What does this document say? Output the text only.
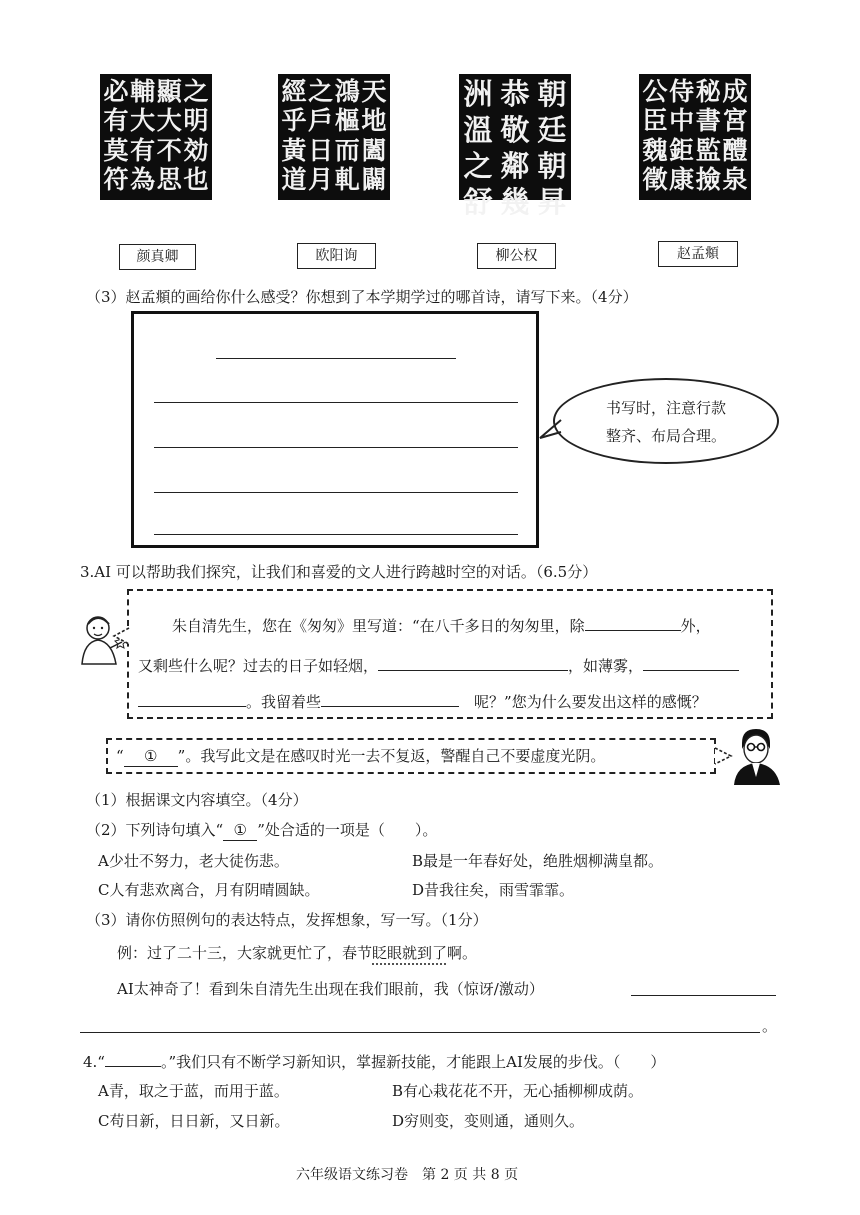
之
明
効
也
顯
大
不
思
輔
大
有
為
必
有
莫
符
天
地
闔
闢
鴻
樞
而
軋
之
戶
日
月
經
乎
黃
道
朝
廷
朝
昇
恭
敬
鄰
幾
洲
溫
之
舒
成
宮
醴
泉
秘
書
監
撿
侍
中
鉅
康
公
臣
魏
徵
颜真卿	欧阳询	柳公权	赵孟頫
（3）赵孟頫的画给你什么感受？你想到了本学期学过的哪首诗，请写下来。（4分）
书写时，注意行款
整齐、布局合理。
3.AI 可以帮助我们探究，让我们和喜爱的文人进行跨越时空的对话。（6.5分）
朱自清先生，您在《匆匆》里写道：“在八千多日的匆匆里，除	外，
又剩些什么呢？过去的日子如轻烟，	，如薄雾，
。我留着些　	呢？”您为什么要发出这样的感慨？
“ ① ”。我写此文是在感叹时光一去不复返，警醒自己不要虚度光阴。
（1）根据课文内容填空。（4分）
（2）下列诗句填入“ ① ”处合适的一项是（　　）。
A少壮不努力，老大徒伤悲。	B最是一年春好处，绝胜烟柳满皇都。
C人有悲欢离合，月有阴晴圆缺。	D昔我往矣，雨雪霏霏。
（3）请你仿照例句的表达特点，发挥想象，写一写。（1分）
例：过了二十三，大家就更忙了，春节眨眼就到了啊。
AI太神奇了！看到朱自清先生出现在我们眼前，我（惊讶/激动）
。
4.“	。”我们只有不断学习新知识，掌握新技能，才能跟上AI发展的步伐。（　　）
A青，取之于蓝，而用于蓝。	B有心栽花花不开，无心插柳柳成荫。
C苟日新，日日新，又日新。	D穷则变，变则通，通则久。
六年级语文练习卷　第 2 页 共 8 页
